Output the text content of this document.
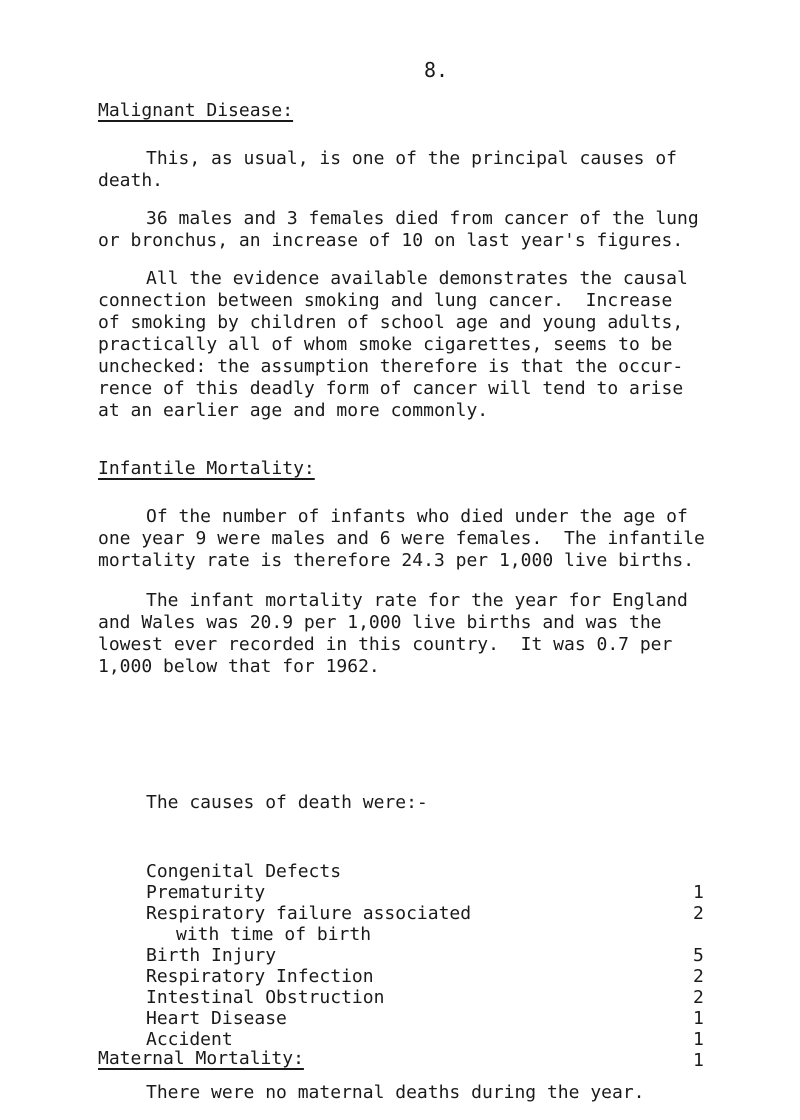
8.
Malignant Disease:

This, as usual, is one of the principal causes of
death.

36 males and 3 females died from cancer of the lung
or bronchus, an increase of 10 on last year's figures.

All the evidence available demonstrates the causal
connection between smoking and lung cancer.  Increase
of smoking by children of school age and young adults,
practically all of whom smoke cigarettes, seems to be
unchecked: the assumption therefore is that the occur-
rence of this deadly form of cancer will tend to arise
at an earlier age and more commonly.

Infantile Mortality:

Of the number of infants who died under the age of
one year 9 were males and 6 were females.  The infantile
mortality rate is therefore 24.3 per 1,000 live births.

The infant mortality rate for the year for England
and Wales was 20.9 per 1,000 live births and was the
lowest ever recorded in this country.  It was 0.7 per
1,000 below that for 1962.

The causes of death were:-

Congenital Defects

1

Prematurity

2

Respiratory failure associated

with time of birth

5

Birth Injury

2

Respiratory Infection

2

Intestinal Obstruction

1

Heart Disease

1

Accident

1

Maternal Mortality:

There were no maternal deaths during the year.
